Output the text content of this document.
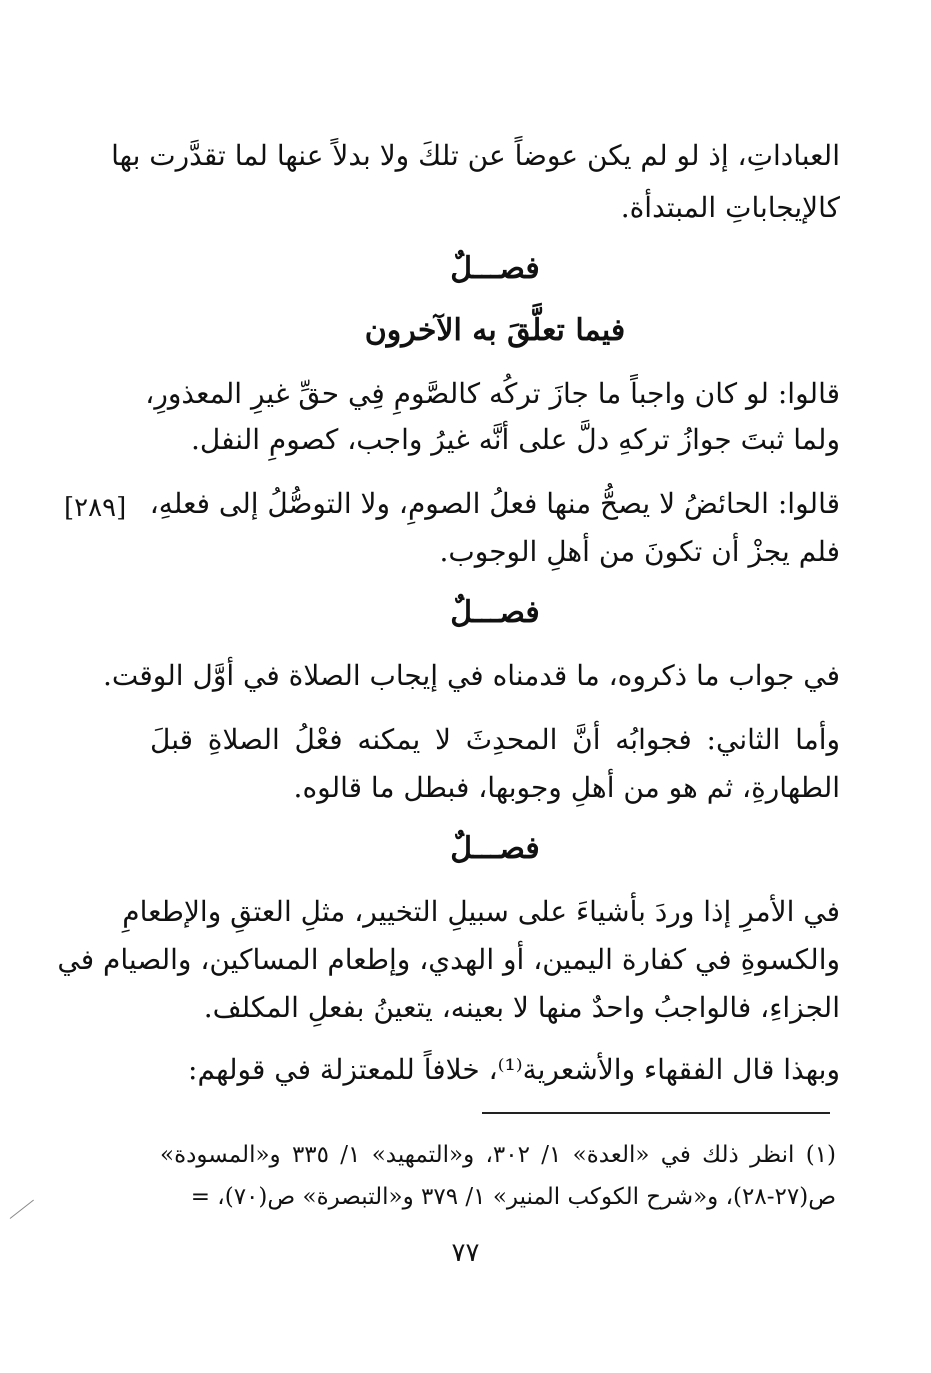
العباداتِ، إذ لو لم يكن عوضاً عن تلكَ ولا بدلاً عنها لما تقدَّرت بها
كالإيجاباتِ المبتدأة.
فصـــلٌ
فيما تعلَّقَ به الآخرون
قالوا: لو كان واجباً ما جازَ تركُه كالصَّومِ فِي حقِّ غيرِ المعذورِ،
ولما ثبتَ جوازُ تركهِ دلَّ على أنَّه غيرُ واجب، كصومِ النفل.
[٢٨٩] قالوا: الحائضُ لا يصحُّ منها فعلُ الصومِ، ولا التوصُّلُ إلى فعلهِ،
فلم يجزْ أن تكونَ من أهلِ الوجوب.
فصـــلٌ
في جواب ما ذكروه، ما قدمناه في إيجاب الصلاة في أوَّل الوقت.
وأما الثاني: فجوابُه أنَّ المحدِثَ لا يمكنه فعْلُ الصلاةِ قبلَ
الطهارةِ، ثم هو من أهلِ وجوبها، فبطل ما قالوه.
فصـــلٌ
في الأمرِ إذا وردَ بأشياءَ على سبيلِ التخيير، مثلِ العتقِ والإطعامِ
والكسوةِ في كفارة اليمين، أو الهدي، وإطعام المساكين، والصيام في
الجزاءِ، فالواجبُ واحدٌ منها لا بعينه، يتعينُ بفعلِ المكلف.
وبهذا قال الفقهاء والأشعرية⁽¹⁾، خلافاً للمعتزلة في قولهم:
(١) انظر ذلك في «العدة» ١/ ٣٠٢، و«التمهيد» ١/ ٣٣٥ و«المسودة»
ص(٢٧-٢٨)، و«شرح الكوكب المنير» ١/ ٣٧٩ و«التبصرة» ص(٧٠)، =
٧٧
